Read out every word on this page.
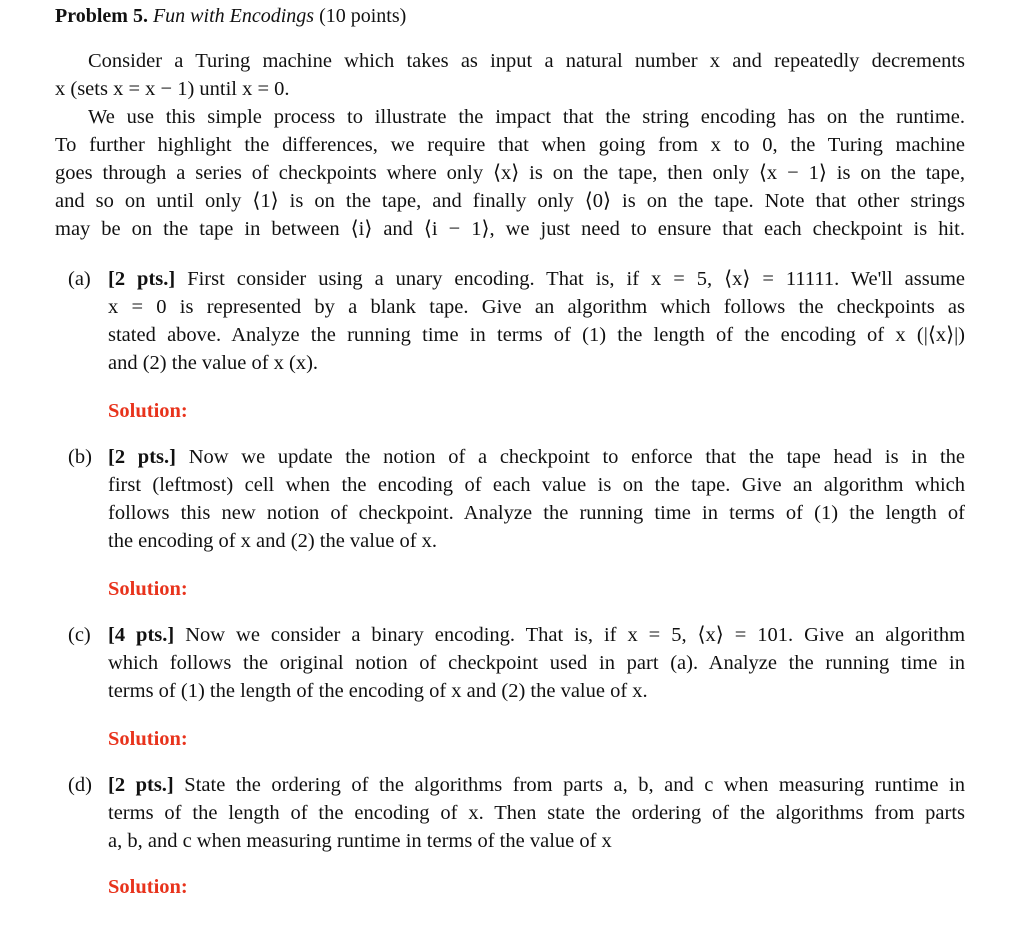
Problem 5. Fun with Encodings (10 points)
Consider a Turing machine which takes as input a natural number x and repeatedly decrements
x (sets x = x − 1) until x = 0.
We use this simple process to illustrate the impact that the string encoding has on the runtime.
To further highlight the differences, we require that when going from x to 0, the Turing machine
goes through a series of checkpoints where only ⟨x⟩ is on the tape, then only ⟨x − 1⟩ is on the tape,
and so on until only ⟨1⟩ is on the tape, and finally only ⟨0⟩ is on the tape. Note that other strings
may be on the tape in between ⟨i⟩ and ⟨i − 1⟩, we just need to ensure that each checkpoint is hit.
(a) [2 pts.] First consider using a unary encoding. That is, if x = 5, ⟨x⟩ = 11111. We'll assume
x = 0 is represented by a blank tape. Give an algorithm which follows the checkpoints as
stated above. Analyze the running time in terms of (1) the length of the encoding of x (|⟨x⟩|)
and (2) the value of x (x).
Solution:
(b) [2 pts.] Now we update the notion of a checkpoint to enforce that the tape head is in the
first (leftmost) cell when the encoding of each value is on the tape. Give an algorithm which
follows this new notion of checkpoint. Analyze the running time in terms of (1) the length of
the encoding of x and (2) the value of x.
Solution:
(c) [4 pts.] Now we consider a binary encoding. That is, if x = 5, ⟨x⟩ = 101. Give an algorithm
which follows the original notion of checkpoint used in part (a). Analyze the running time in
terms of (1) the length of the encoding of x and (2) the value of x.
Solution:
(d) [2 pts.] State the ordering of the algorithms from parts a, b, and c when measuring runtime in
terms of the length of the encoding of x. Then state the ordering of the algorithms from parts
a, b, and c when measuring runtime in terms of the value of x
Solution:
